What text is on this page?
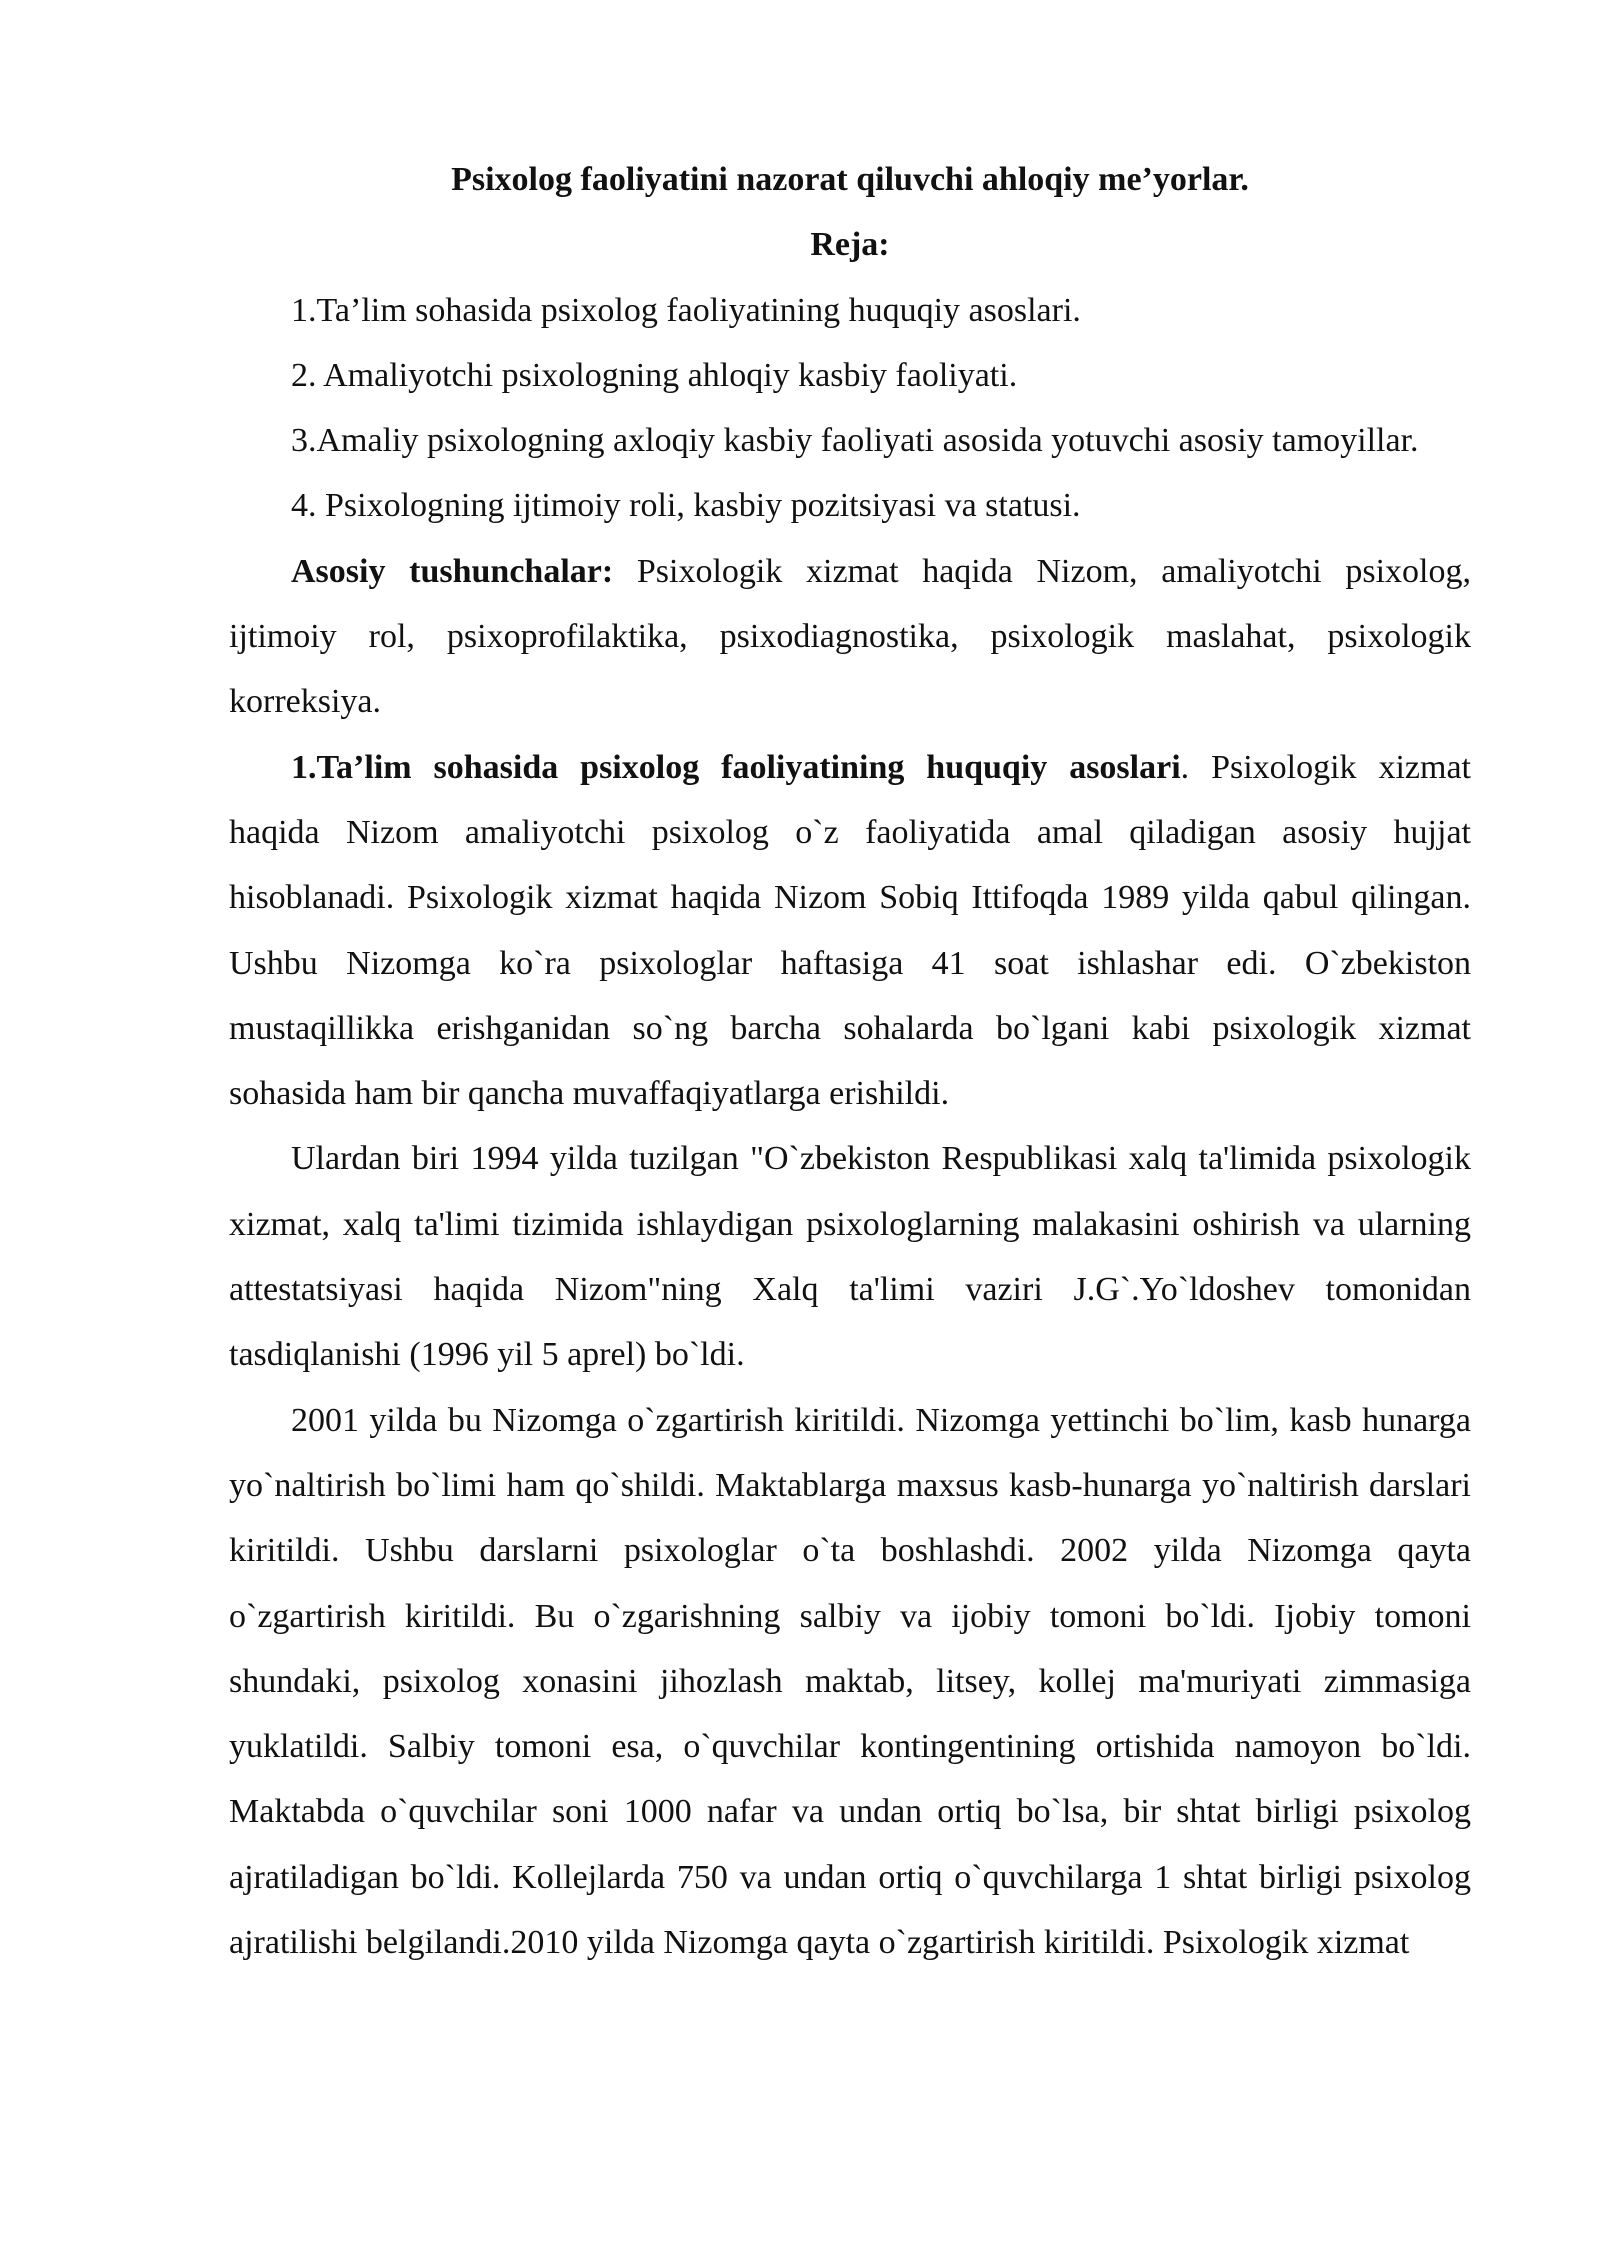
Psixolog faoliyatini nazorat qiluvchi ahloqiy me’yorlar.

Reja:

1.Ta’lim sohasida psixolog faoliyatining huquqiy asoslari.

2. Amaliyotchi psixologning ahloqiy kasbiy faoliyati.

3.Amaliy psixologning axloqiy kasbiy faoliyati asosida yotuvchi asosiy tamoyillar.

4. Psixologning ijtimoiy roli, kasbiy pozitsiyasi va statusi.

Asosiy tushunchalar: Psixologik xizmat haqida Nizom, amaliyotchi psixolog, ijtimoiy rol, psixoprofilaktika, psixodiagnostika, psixologik maslahat, psixologik korreksiya.

1.Ta’lim sohasida psixolog faoliyatining huquqiy asoslari. Psixologik xizmat haqida Nizom amaliyotchi psixolog o`z faoliyatida amal qiladigan asosiy hujjat hisoblanadi. Psixologik xizmat haqida Nizom Sobiq Ittifoqda 1989 yilda qabul qilingan. Ushbu Nizomga ko`ra psixologlar haftasiga 41 soat ishlashar edi. O`zbekiston mustaqillikka erishganidan so`ng barcha sohalarda bo`lgani kabi psixologik xizmat sohasida ham bir qancha muvaffaqiyatlarga erishildi.

Ulardan biri 1994 yilda tuzilgan "O`zbekiston Respublikasi xalq ta'limida psixologik xizmat, xalq ta'limi tizimida ishlaydigan psixologlarning malakasini oshirish va ularning attestatsiyasi haqida Nizom"ning Xalq ta'limi vaziri J.G`.Yo`ldoshev tomonidan tasdiqlanishi (1996 yil 5 aprel) bo`ldi.

2001 yilda bu Nizomga o`zgartirish kiritildi. Nizomga yettinchi bo`lim, kasb hunarga yo`naltirish bo`limi ham qo`shildi. Maktablarga maxsus kasb-hunarga yo`naltirish darslari kiritildi. Ushbu darslarni psixologlar o`ta boshlashdi. 2002 yilda Nizomga qayta o`zgartirish kiritildi. Bu o`zgarishning salbiy va ijobiy tomoni bo`ldi. Ijobiy tomoni shundaki, psixolog xonasini jihozlash maktab, litsey, kollej ma'muriyati zimmasiga yuklatildi. Salbiy tomoni esa, o`quvchilar kontingentining ortishida namoyon bo`ldi. Maktabda o`quvchilar soni 1000 nafar va undan ortiq bo`lsa, bir shtat birligi psixolog ajratiladigan bo`ldi. Kollejlarda 750 va undan ortiq o`quvchilarga 1 shtat birligi psixolog ajratilishi belgilandi.2010 yilda Nizomga qayta o`zgartirish kiritildi. Psixologik xizmat
